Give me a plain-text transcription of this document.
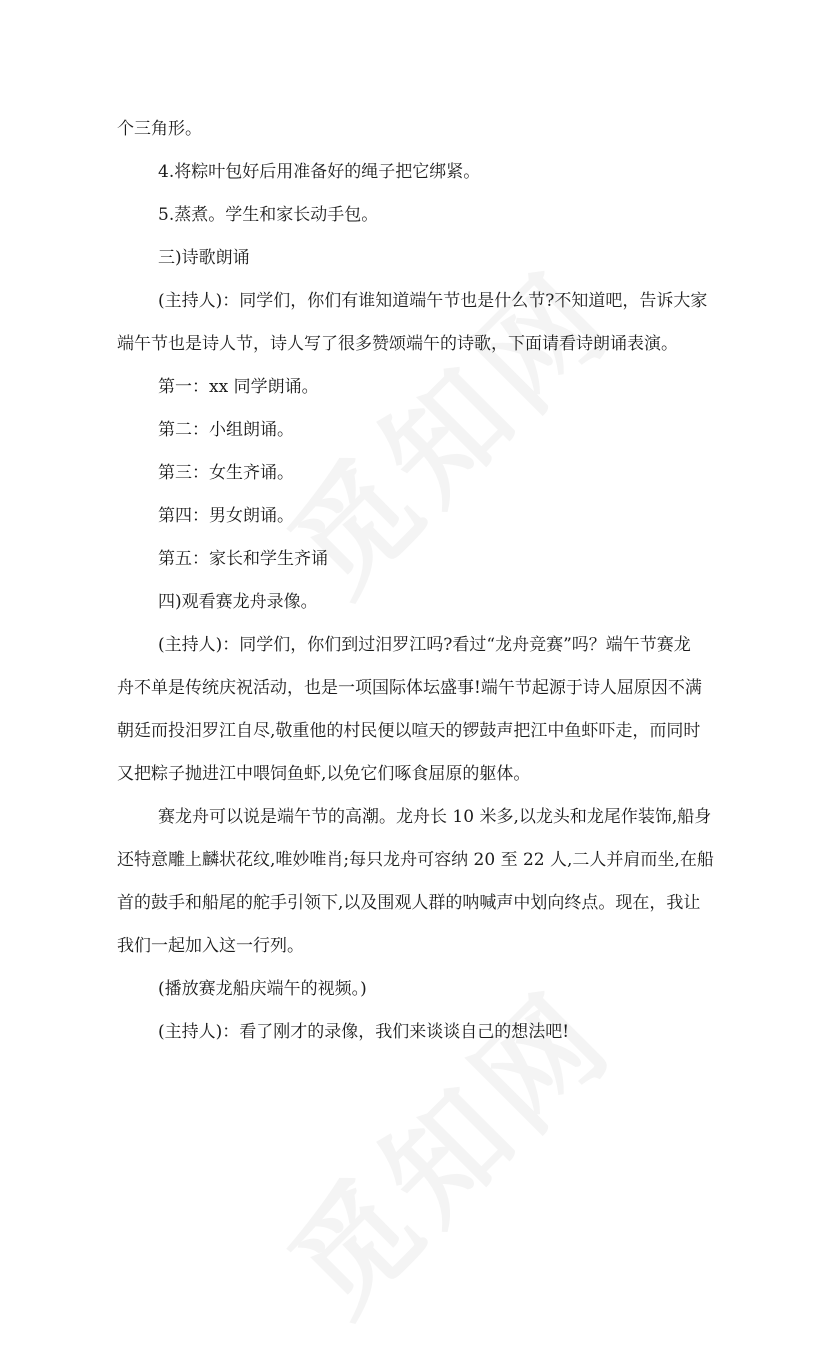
个三角形。
4.将粽叶包好后用准备好的绳子把它绑紧。
5.蒸煮。学生和家长动手包。
三)诗歌朗诵
(主持人)：同学们，你们有谁知道端午节也是什么节?不知道吧，告诉大家
端午节也是诗人节，诗人写了很多赞颂端午的诗歌，下面请看诗朗诵表演。
第一：xx 同学朗诵。
第二：小组朗诵。
第三：女生齐诵。
第四：男女朗诵。
第五：家长和学生齐诵
四)观看赛龙舟录像。
(主持人)：同学们，你们到过汨罗江吗?看过“龙舟竞赛”吗？端午节赛龙
舟不单是传统庆祝活动，也是一项国际体坛盛事!端午节起源于诗人屈原因不满
朝廷而投汨罗江自尽,敬重他的村民便以喧天的锣鼓声把江中鱼虾吓走，而同时
又把粽子抛进江中喂饲鱼虾,以免它们啄食屈原的躯体。
赛龙舟可以说是端午节的高潮。龙舟长 10 米多,以龙头和龙尾作装饰,船身
还特意雕上麟状花纹,唯妙唯肖;每只龙舟可容纳 20 至 22 人,二人并肩而坐,在船
首的鼓手和船尾的舵手引领下,以及围观人群的呐喊声中划向终点。现在，我让
我们一起加入这一行列。
(播放赛龙船庆端午的视频。)
(主持人)：看了刚才的录像，我们来谈谈自己的想法吧!
